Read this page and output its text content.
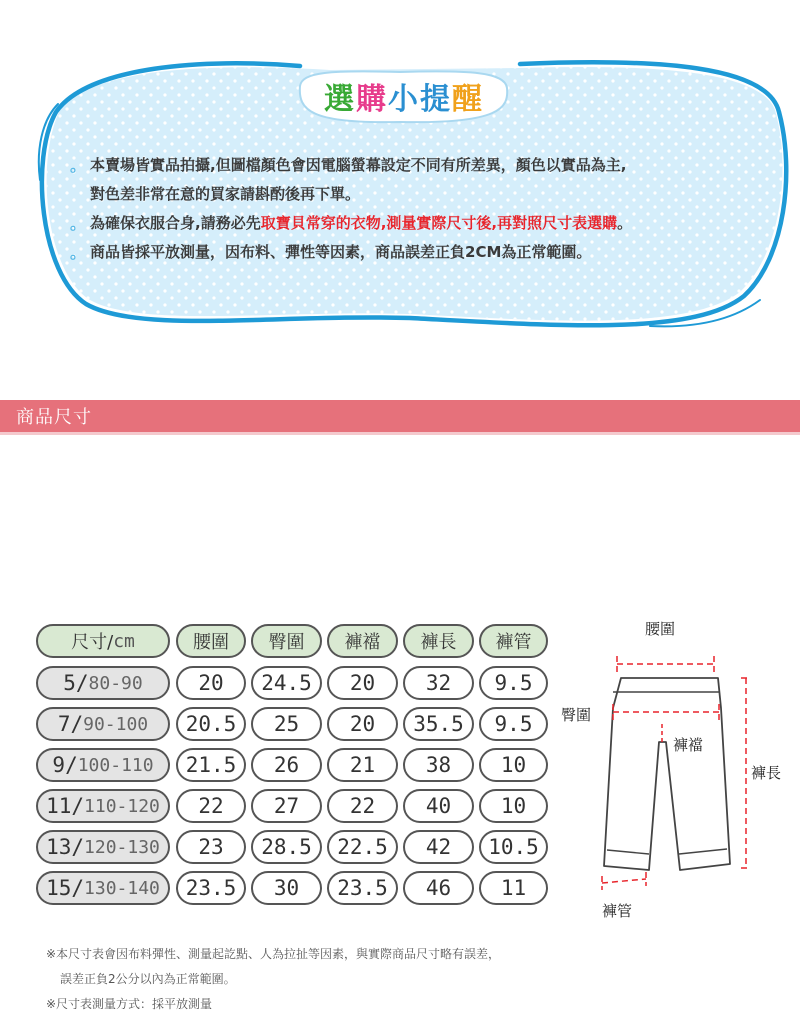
選 購 小 提 醒
。 本賣場皆實品拍攝,但圖檔顏色會因電腦螢幕設定不同有所差異，顏色以實品為主,
對色差非常在意的買家請斟酌後再下單。
。 為確保衣服合身,請務必先取寶貝常穿的衣物,測量實際尺寸後,再對照尺寸表選購。
。 商品皆採平放測量，因布料、彈性等因素，商品誤差正負2CM為正常範圍。
商品尺寸
尺寸/ cm	腰圍	臀圍	褲襠	褲長	褲管
5/ 80-90	20	24.5	20	32	9.5
7/ 90-100	20.5	25	20	35.5	9.5
9/ 100-110	21.5	26	21	38	10
11/ 110-120	22	27	22	40	10
13/ 120-130	23	28.5	22.5	42	10.5
15/ 130-140	23.5	30	23.5	46	11
腰圍
臀圍
褲襠
褲長
褲管
※本尺寸表會因布料彈性、測量起訖點、人為拉扯等因素，與實際商品尺寸略有誤差，
誤差正負2公分以內為正常範圍。
※尺寸表測量方式：採平放測量
